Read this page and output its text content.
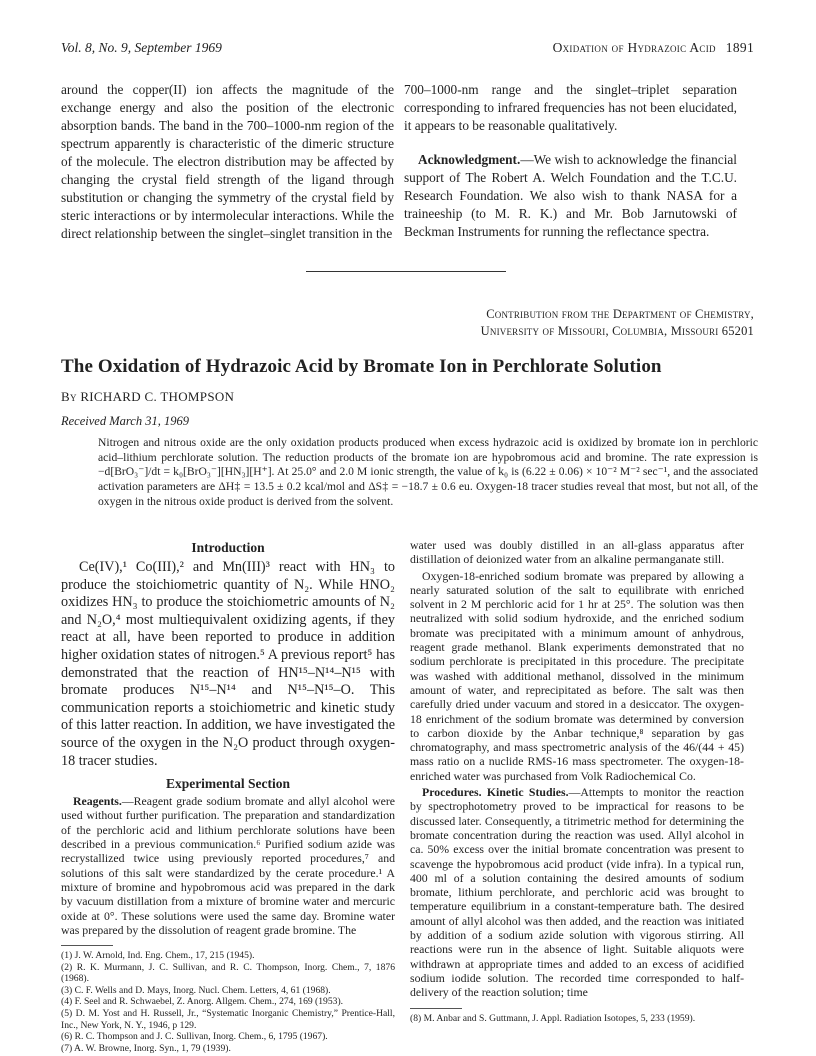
Vol. 8, No. 9, September 1969	Oxidation of Hydrazoic Acid 1891

around the copper(II) ion affects the magnitude of the exchange energy and also the position of the electronic absorption bands. The band in the 700–1000-nm region of the spectrum apparently is characteristic of the dimeric structure of the molecule. The electron distribution may be affected by changing the crystal field strength of the ligand through substitution or changing the symmetry of the crystal field by steric interactions or by intermolecular interactions. While the direct relationship between the singlet–singlet transition in the

700–1000-nm range and the singlet–triplet separation corresponding to infrared frequencies has not been elucidated, it appears to be reasonable qualitatively.

Acknowledgment.—We wish to acknowledge the financial support of The Robert A. Welch Foundation and the T.C.U. Research Foundation. We also wish to thank NASA for a traineeship (to M. R. K.) and Mr. Bob Jarnutowski of Beckman Instruments for running the reflectance spectra.

Contribution from the Department of Chemistry,
University of Missouri, Columbia, Missouri 65201
The Oxidation of Hydrazoic Acid by Bromate Ion in Perchlorate Solution
By RICHARD C. THOMPSON
Received March 31, 1969

Nitrogen and nitrous oxide are the only oxidation products produced when excess hydrazoic acid is oxidized by bromate ion in perchloric acid–lithium perchlorate solution. The reduction products of the bromate ion are hypobromous acid and bromine. The rate expression is −d[BrO₃⁻]/dt = k₀[BrO₃⁻][HN₃][H⁺]. At 25.0° and 2.0 M ionic strength, the value of k₀ is (6.22 ± 0.06) × 10⁻² M⁻² sec⁻¹, and the associated activation parameters are ΔH‡ = 13.5 ± 0.2 kcal/mol and ΔS‡ = −18.7 ± 0.6 eu. Oxygen-18 tracer studies reveal that most, but not all, of the oxygen in the nitrous oxide product is derived from the solvent.

Introduction

Ce(IV),¹ Co(III),² and Mn(III)³ react with HN₃ to produce the stoichiometric quantity of N₂. While HNO₂ oxidizes HN₃ to produce the stoichiometric amounts of N₂ and N₂O,⁴ most multiequivalent oxidizing agents, if they react at all, have been reported to produce in addition higher oxidation states of nitrogen.⁵ A previous report⁵ has demonstrated that the reaction of HN¹⁵–N¹⁴–N¹⁵ with bromate produces N¹⁵–N¹⁴ and N¹⁵–N¹⁵–O. This communication reports a stoichiometric and kinetic study of this latter reaction. In addition, we have investigated the source of the oxygen in the N₂O product through oxygen-18 tracer studies.

Experimental Section

Reagents.—Reagent grade sodium bromate and allyl alcohol were used without further purification. The preparation and standardization of the perchloric acid and lithium perchlorate solutions have been described in a previous communication.⁶ Purified sodium azide was recrystallized twice using previously reported procedures,⁷ and solutions of this salt were standardized by the cerate procedure.¹ A mixture of bromine and hypobromous acid was prepared in the dark by vacuum distillation from a mixture of bromine water and mercuric oxide at 0°. These solutions were used the same day. Bromine water was prepared by the dissolution of reagent grade bromine. The

(1) J. W. Arnold, Ind. Eng. Chem., 17, 215 (1945).

(2) R. K. Murmann, J. C. Sullivan, and R. C. Thompson, Inorg. Chem., 7, 1876 (1968).

(3) C. F. Wells and D. Mays, Inorg. Nucl. Chem. Letters, 4, 61 (1968).

(4) F. Seel and R. Schwaebel, Z. Anorg. Allgem. Chem., 274, 169 (1953).

(5) D. M. Yost and H. Russell, Jr., “Systematic Inorganic Chemistry,” Prentice-Hall, Inc., New York, N. Y., 1946, p 129.

(6) R. C. Thompson and J. C. Sullivan, Inorg. Chem., 6, 1795 (1967).

(7) A. W. Browne, Inorg. Syn., 1, 79 (1939).

water used was doubly distilled in an all-glass apparatus after distillation of deionized water from an alkaline permanganate still.

Oxygen-18-enriched sodium bromate was prepared by allowing a nearly saturated solution of the salt to equilibrate with enriched solvent in 2 M perchloric acid for 1 hr at 25°. The solution was then neutralized with solid sodium hydroxide, and the enriched sodium bromate was precipitated with a minimum amount of anhydrous, reagent grade methanol. Blank experiments demonstrated that no sodium perchlorate is precipitated in this procedure. The precipitate was washed with additional methanol, dissolved in the minimum amount of water, and reprecipitated as before. The salt was then carefully dried under vacuum and stored in a desiccator. The oxygen-18 enrichment of the sodium bromate was determined by conversion to carbon dioxide by the Anbar technique,⁸ separation by gas chromatography, and mass spectrometric analysis of the 46/(44 + 45) mass ratio on a nuclide RMS-16 mass spectrometer. The oxygen-18-enriched water was purchased from Volk Radiochemical Co.

Procedures. Kinetic Studies.—Attempts to monitor the reaction by spectrophotometry proved to be impractical for reasons to be discussed later. Consequently, a titrimetric method for determining the bromate concentration during the reaction was used. Allyl alcohol in ca. 50% excess over the initial bromate concentration was present to scavenge the hypobromous acid product (vide infra). In a typical run, 400 ml of a solution containing the desired amounts of sodium bromate, lithium perchlorate, and perchloric acid was brought to temperature equilibrium in a constant-temperature bath. The desired amount of allyl alcohol was then added, and the reaction was initiated by addition of a sodium azide solution with vigorous stirring. All reactions were run in the absence of light. Suitable aliquots were withdrawn at appropriate times and added to an excess of acidified sodium iodide solution. The recorded time corresponded to half-delivery of the reaction solution; time

(8) M. Anbar and S. Guttmann, J. Appl. Radiation Isotopes, 5, 233 (1959).
